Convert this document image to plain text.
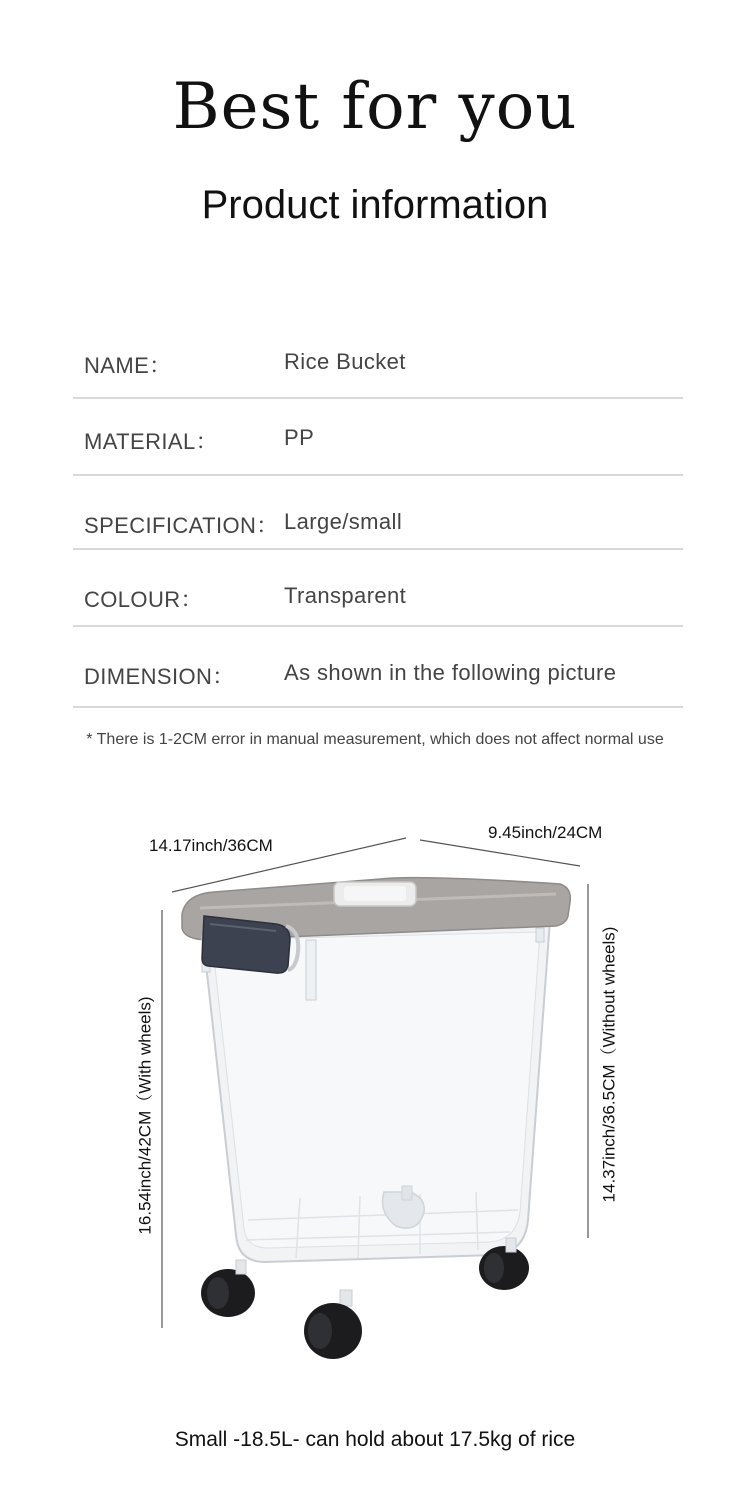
Best for you
Product information
NAME：	Rice Bucket
MATERIAL：	PP
SPECIFICATION： Large/small
COLOUR：	Transparent
DIMENSION： As shown in the following picture
* There is 1-2CM error in manual measurement, which does not affect normal use
14.17inch/36CM
9.45inch/24CM
16.54inch/42CM（With wheels)	14.37inch/36.5CM（Without wheels)
Small -18.5L- can hold about 17.5kg of rice
